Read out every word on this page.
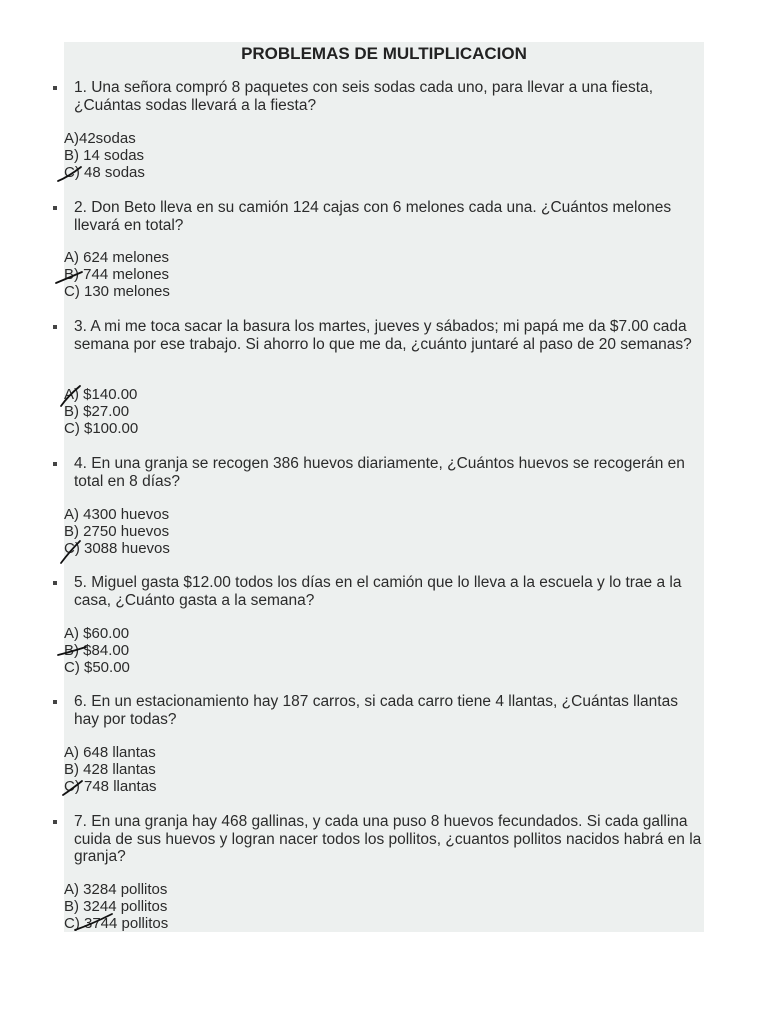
PROBLEMAS DE MULTIPLICACION
1. Una señora compró 8 paquetes con seis sodas cada uno, para llevar a una fiesta, ¿Cuántas sodas llevará a la fiesta?
A)42sodas
B) 14 sodas
C) 48 sodas
2. Don Beto lleva en su camión 124 cajas con 6 melones cada una. ¿Cuántos melones llevará en total?
A) 624 melones
B) 744 melones
C) 130 melones
3. A mi me toca sacar la basura los martes, jueves y sábados; mi papá me da $7.00 cada semana por ese trabajo. Si ahorro lo que me da, ¿cuánto juntaré al paso de 20 semanas?
A) $140.00
B) $27.00
C) $100.00
4. En una granja se recogen 386 huevos diariamente, ¿Cuántos huevos se recogerán en total en 8 días?
A) 4300 huevos
B) 2750 huevos
C) 3088 huevos
5. Miguel gasta $12.00 todos los días en el camión que lo lleva a la escuela y lo trae a la casa, ¿Cuánto gasta a la semana?
A) $60.00
B) $84.00
C) $50.00
6. En un estacionamiento hay 187 carros, si cada carro tiene 4 llantas, ¿Cuántas llantas hay por todas?
A) 648 llantas
B) 428 llantas
C) 748 llantas
7. En una granja hay 468 gallinas, y cada una puso 8 huevos fecundados. Si cada gallina cuida de sus huevos y logran nacer todos los pollitos, ¿cuantos pollitos nacidos habrá en la granja?
A) 3284 pollitos
B) 3244 pollitos
C) 3744 pollitos
